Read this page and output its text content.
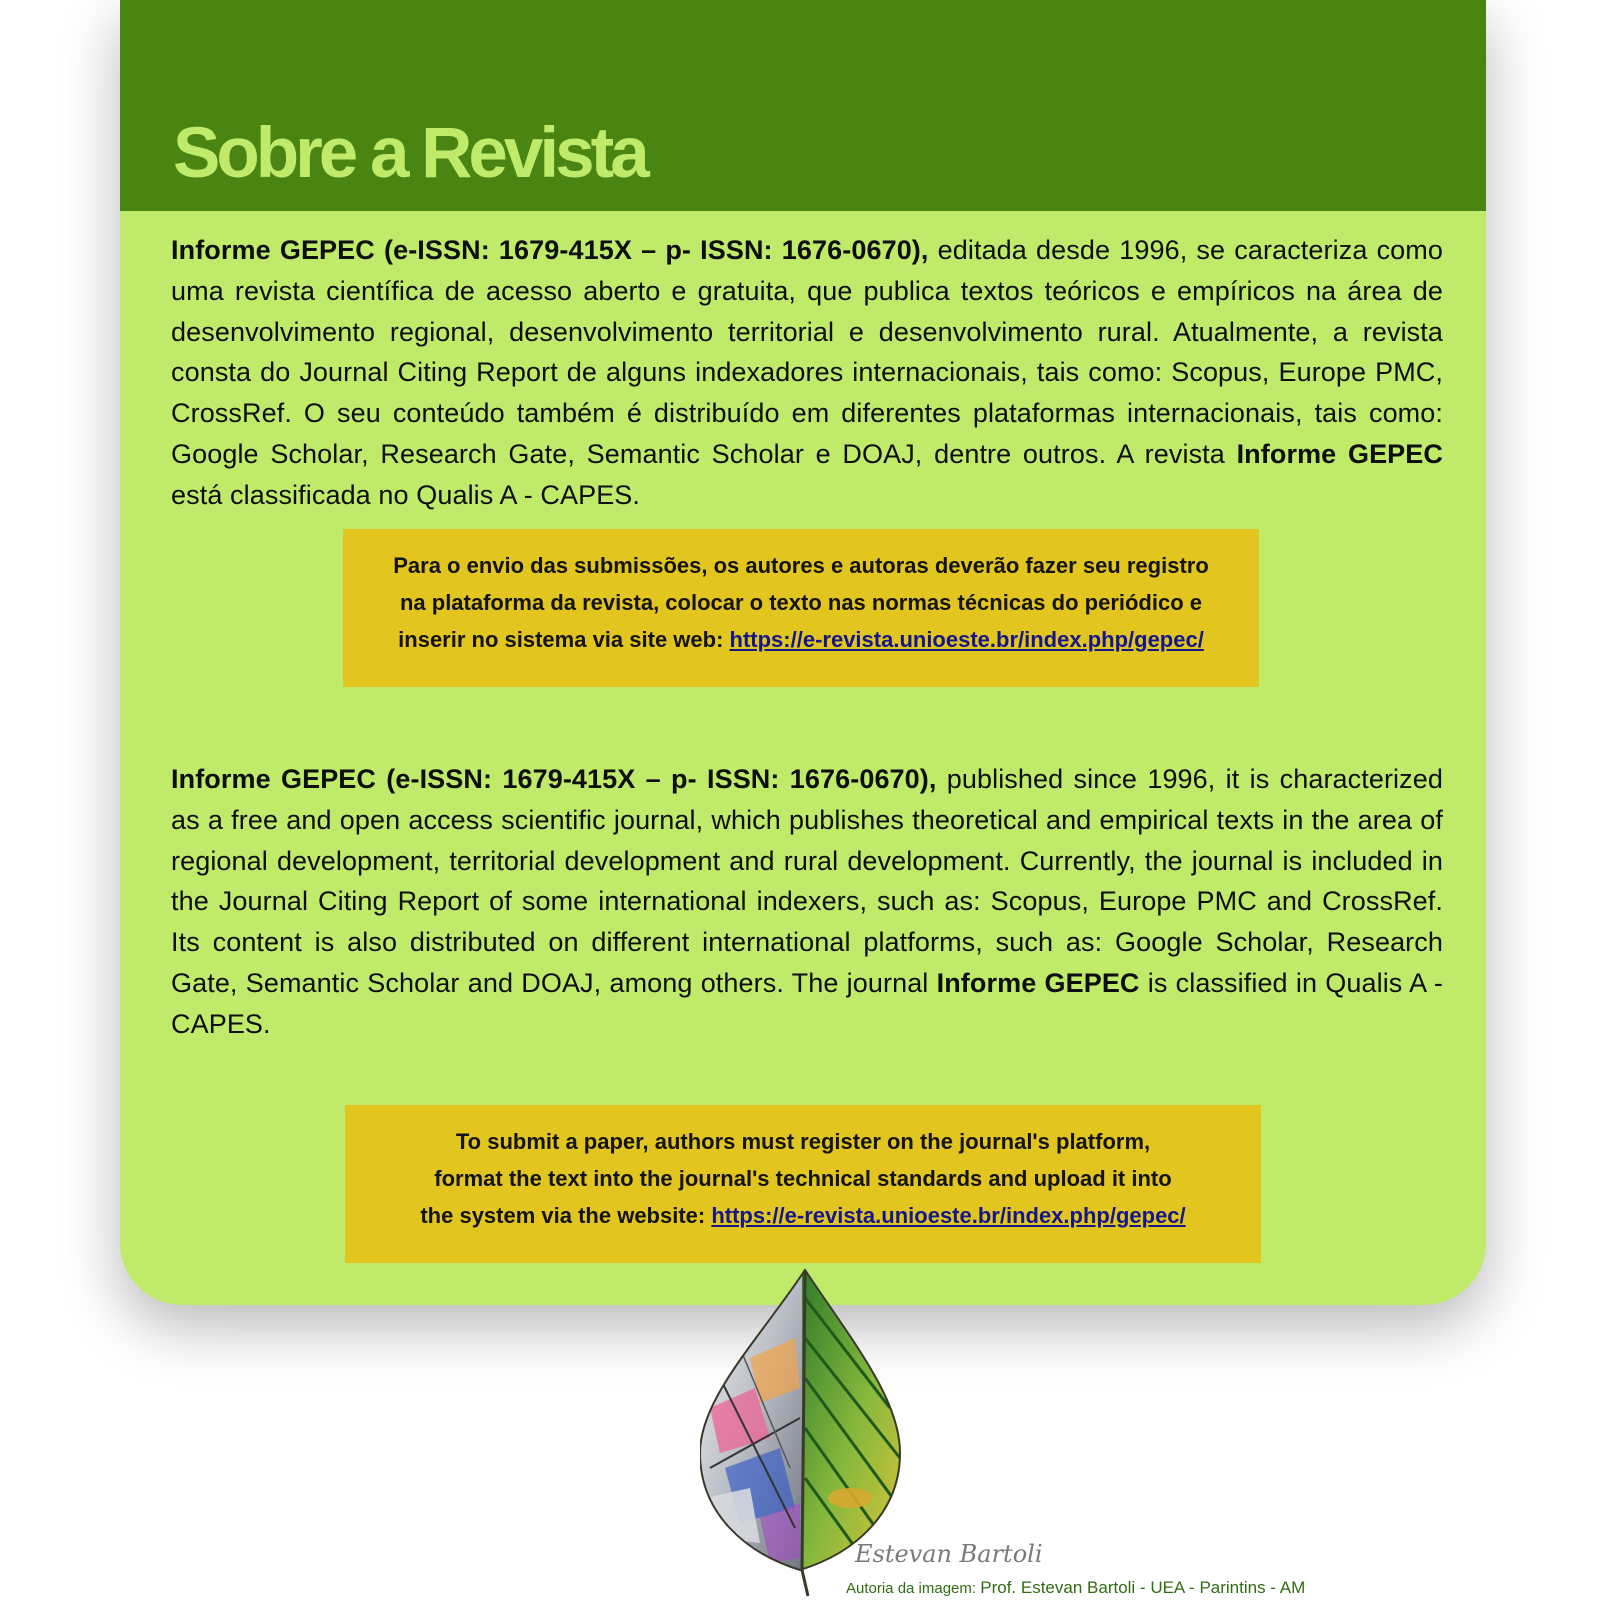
Sobre a Revista

Informe GEPEC (e-ISSN: 1679-415X – p- ISSN: 1676-0670), editada desde 1996, se caracteriza como uma revista científica de acesso aberto e gratuita, que publica textos teóricos e empíricos na área de desenvolvimento regional, desenvolvimento territorial e desenvolvimento rural. Atualmente, a revista consta do Journal Citing Report de alguns indexadores internacionais, tais como: Scopus, Europe PMC, CrossRef. O seu conteúdo também é distribuído em diferentes plataformas internacionais, tais como: Google Scholar, Research Gate, Semantic Scholar e DOAJ, dentre outros. A revista Informe GEPEC está classificada no Qualis A - CAPES.

Para o envio das submissões, os autores e autoras deverão fazer seu registro

na plataforma da revista, colocar o texto nas normas técnicas do periódico e

inserir no sistema via site web: https://e-revista.unioeste.br/index.php/gepec/

Informe GEPEC (e-ISSN: 1679-415X – p- ISSN: 1676-0670), published since 1996, it is characterized as a free and open access scientific journal, which publishes theoretical and empirical texts in the area of regional development, territorial development and rural development. Currently, the journal is included in the Journal Citing Report of some international indexers, such as: Scopus, Europe PMC and CrossRef. Its content is also distributed on different international platforms, such as: Google Scholar, Research Gate, Semantic Scholar and DOAJ, among others. The journal Informe GEPEC is classified in Qualis A - CAPES.

To submit a paper, authors must register on the journal's platform,

format the text into the journal's technical standards and upload it into

the system via the website: https://e-revista.unioeste.br/index.php/gepec/

Estevan Bartoli
Autoria da imagem: Prof. Estevan Bartoli - UEA - Parintins - AM
